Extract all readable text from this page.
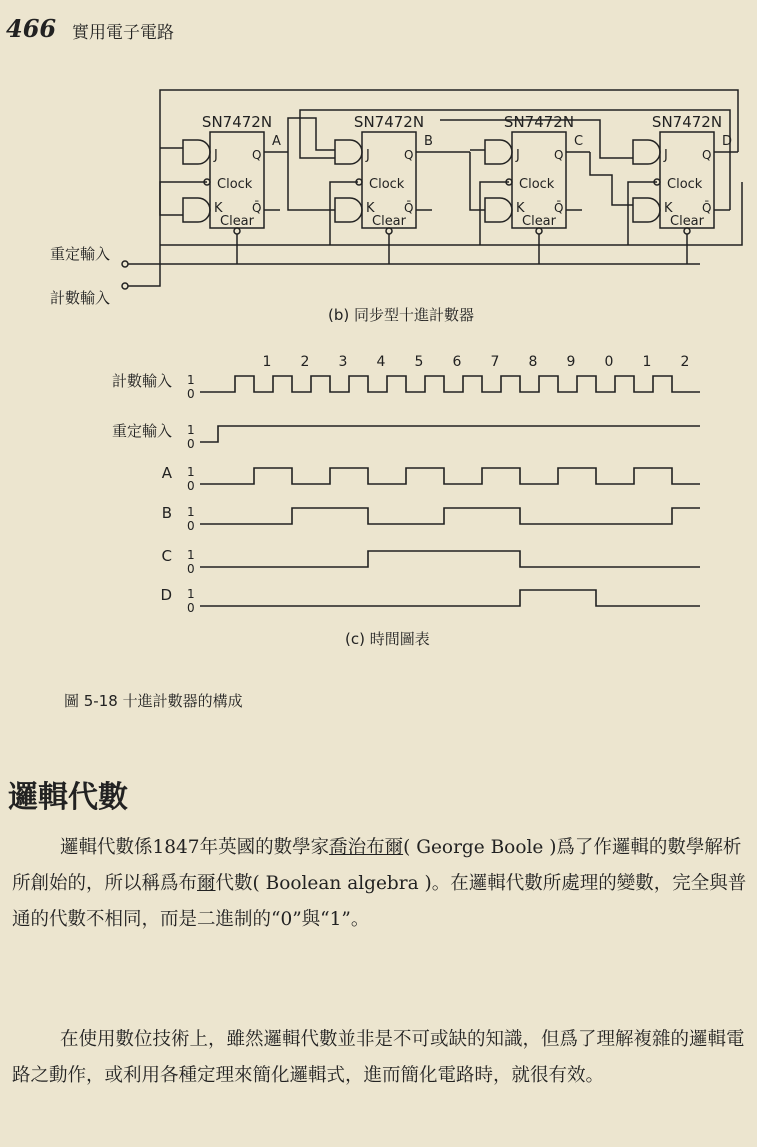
466 實用電子電路
SN7472N
J
K
Clock
Clear
Q
Q̄
A
SN7472N
J
K
Clock
Clear
Q
Q̄
B
SN7472N
J
K
Clock
Clear
Q
Q̄
C
SN7472N
J
K
Clock
Clear
Q
Q̄
D
重定輸入
計數輸入
1 2 3 4 5 6 7 8 9 0 1 2
計數輸入 1
0
重定輸入 1
0
A 1
0
B 1
0
C 1
0
D 1
0
(b) 同步型十進計數器
(c) 時間圖表
圖 5-18 十進計數器的構成
邏輯代數
邏輯代數係1847年英國的數學家喬治布爾( George Boole )爲了作邏輯的數學解析所創始的，所以稱爲布爾代數( Boolean algebra )。在邏輯代數所處理的變數，完全與普通的代數不相同，而是二進制的“0”與“1”。
在使用數位技術上，雖然邏輯代數並非是不可或缺的知識，但爲了理解複雜的邏輯電路之動作，或利用各種定理來簡化邏輯式，進而簡化電路時，就很有效。
